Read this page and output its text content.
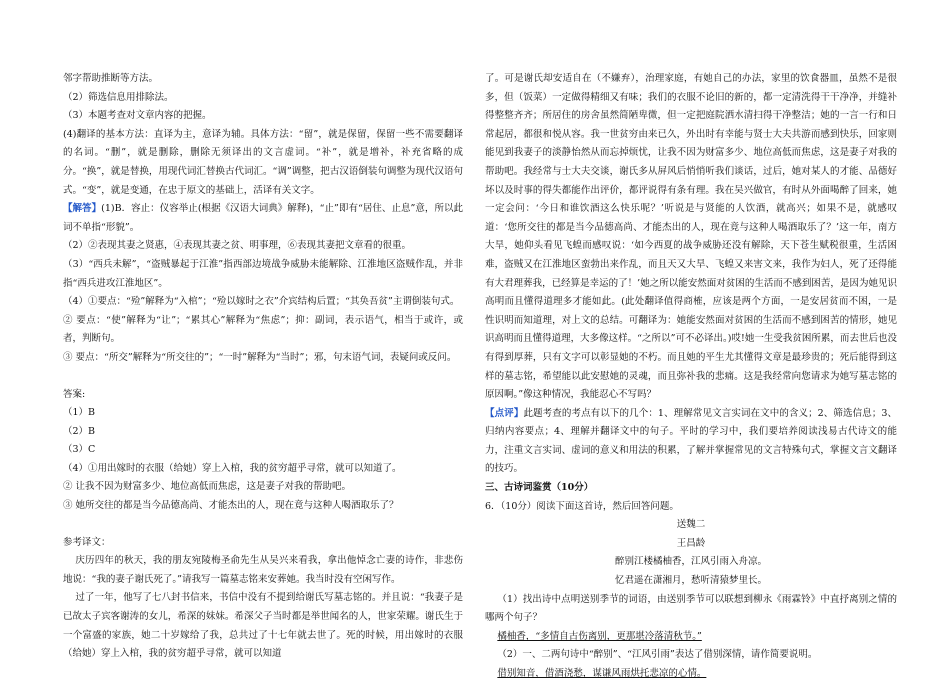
邻字帮助推断等方法。

（2）筛选信息用排除法。

（3）本题考查对文章内容的把握。

(4)翻译的基本方法：直译为主，意译为辅。具体方法：“留”，就是保留，保留一些不需要翻译的名词。“删”，就是删除，删除无须译出的文言虚词。“补”，就是增补，补充省略的成分。“换”，就是替换，用现代词汇替换古代词汇。“调”调整，把古汉语倒装句调整为现代汉语句式。“变”，就是变通，在忠于原文的基础上，活译有关文字。

【解答】(1)B．容止：仪容举止(根据《汉语大词典》解释)，“止”即有“居住、止息”意，所以此词不单指“形貌”。

（2）②表现其妻之贤惠，④表现其妻之贫、明事理，⑥表现其妻把文章看的很重。

（3）“西兵未解”，“盗贼暴起于江淮”指西部边境战争威胁未能解除、江淮地区盗贼作乱，并非指“西兵进攻江淮地区”。

（4）①要点：“殓”解释为“入棺”；“殓以嫁时之衣”介宾结构后置；“其奂吾贫”主谓倒装句式。

② 要点：“使”解释为“让”；“累其心”解释为“焦虑”；抑：副词，表示语气，相当于或许，或者，判断句。

③ 要点：“所交”解释为“所交往的”；“一时”解释为“当时”；邪，句末语气词，表疑问或反问。

答案:

（1）B

（2）B

（3）C

（4）①用出嫁时的衣服（给她）穿上入棺，我的贫穷超乎寻常，就可以知道了。

② 让我不因为财富多少、地位高低而焦虑，这是妻子对我的帮助吧。

③ 她所交往的都是当今品德高尚、才能杰出的人，现在竟与这种人喝酒取乐了？

参考译文：

庆历四年的秋天，我的朋友宛陵梅圣俞先生从吴兴来看我，拿出他悼念亡妻的诗作，非悲伤地说：“我的妻子谢氏死了。”请我写一篇墓志铭来安葬她。我当时没有空闲写作。

过了一年，他写了七八封书信来，书信中没有不提到给谢氏写墓志铭的。并且说：“我妻子是已故太子宾客谢涛的女儿，希深的妹妹。希深父子当时都是举世闻名的人，世家荣耀。谢氏生于一个富盛的家族，她二十岁嫁给了我，总共过了十七年就去世了。死的时候，用出嫁时的衣服（给她）穿上入棺，我的贫穷超乎寻常，就可以知道

了。可是谢氏却安适自在（不嫌弃），治理家庭，有她自己的办法，家里的饮食器皿，虽然不是很多，但（饭菜）一定做得精细又有味；我们的衣服不论旧的新的，都一定清洗得干干净净，并缝补得整整齐齐；所居住的房舍虽然简陋卑微，但一定把庭院洒水清扫得干净整洁；她的一言一行和日常起居，都很和悦从容。我一世贫穷由来已久，外出时有幸能与贤士大夫共游而感到快乐，回家则能见到我妻子的淡静怡然从而忘掉烦忧，让我不因为财富多少、地位高低而焦虑，这是妻子对我的帮助吧。我经常与士大夫交谈，谢氏多从屏风后悄悄听我们谈话，过后，她对某人的才能、品德好坏以及时事的得失都能作出评价，都评说得有条有理。我在吴兴做官，有时从外面喝醉了回来，她一定会问：‘今日和谁饮酒这么快乐呢？’听说是与贤能的人饮酒，就高兴；如果不是，就感叹道：‘您所交往的都是当今品德高尚、才能杰出的人，现在竟与这种人喝酒取乐了？’这一年，南方大旱，她仰头看见飞蝗而感叹说：‘如今西夏的战争威胁还没有解除，天下苍生赋税很重，生活困难，盗贼又在江淮地区蛮勃出来作乱，而且天又大旱、飞蝗又来害文来，我作为妇人，死了还得能有大君理葬我，已经算是幸运的了！’她之所以能安然面对贫困的生活而不感到困苦，是因为她见识高明而且懂得道理多才能如此。(此处翻译值得商榷，应该是两个方面，一是安居贫而不困，一是性识明而知道理，对上文的总结。可翻译为：她能安然面对贫困的生活而不感到困苦的情形，她见识高明而且懂得道理，大多像这样。“之所以”可不必译出。)哎!她一生受我贫困所累，而去世后也没有得到厚葬，只有文字可以彰显她的不朽。而且她的平生尤其懂得文章是最珍贵的；死后能得到这样的墓志铭，希望能以此安慰她的灵魂，而且弥补我的悲痛。这是我经常向您请求为她写墓志铭的原因啊。”像这种情况，我能忍心不写吗？

【点评】此题考查的考点有以下的几个：1、理解常见文言实词在文中的含义；2、筛选信息；3、归纳内容要点；4、理解并翻译文中的句子。平时的学习中，我们要培养阅读浅易古代诗文的能力，注重文言实词、虚词的意义和用法的积累，了解并掌握常见的文言特殊句式，掌握文言文翻译的技巧。

三、古诗词鉴赏（10分）

6．（10分）阅读下面这首诗，然后回答问题。

送魏二

王昌龄

醉别江楼橘柚香，江风引雨入舟凉。

忆君遥在潇湘月，愁听清猿梦里长。

（1）找出诗中点明送别季节的词语，由送别季节可以联想到柳永《雨霖铃》中直抒离别之情的哪两个句子？

橘柚香，“多情自古伤离别，更那堪冷落清秋节。”

（2）一、二两句诗中“醉别”、“江风引雨”表达了借别深情，请作简要说明。

借别知音，借酒浇愁，谋谦风雨烘托悲凉的心情。
